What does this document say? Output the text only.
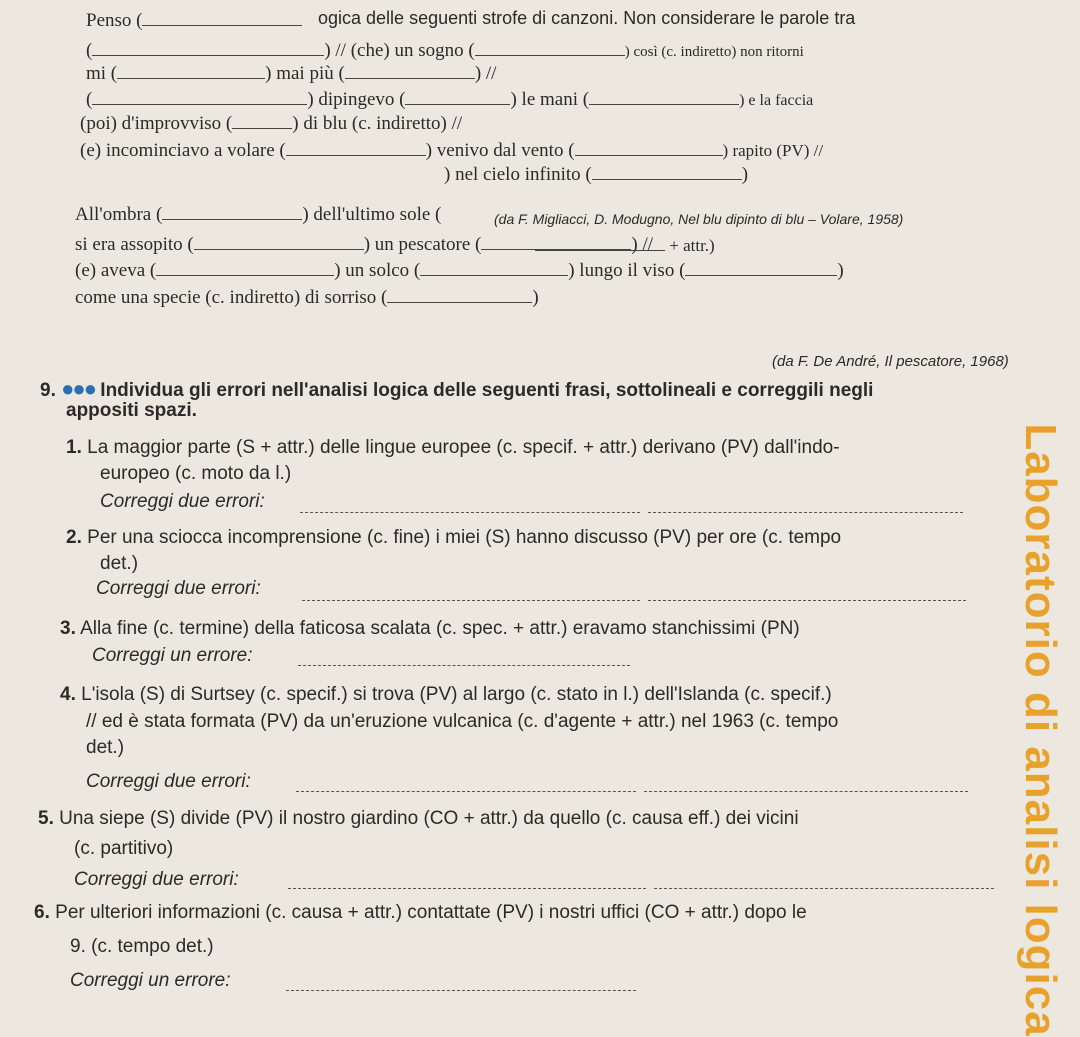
ogica delle seguenti strofe di canzoni. Non considerare le parole tra
Penso (
(	) // (che) un sogno (	) così (c. indiretto) non ritorni
mi (	) mai più (	) //
(	) dipingevo (	) le mani (	) e la faccia
(poi) d'improvviso (	) di blu (c. indiretto) //
(e) incominciavo a volare (	) venivo dal vento (	) rapito (PV) //
) nel cielo infinito (	)
(da F. Migliacci, D. Modugno, Nel blu dipinto di blu – Volare, 1958)
All'ombra (	) dell'ultimo sole (
+ attr.)
si era assopito (	) un pescatore (	) //
(e) aveva (	) un solco (	) lungo il viso (	)
come una specie (c. indiretto) di sorriso (	)
(da F. De André, Il pescatore, 1968)
9. ●●● Individua gli errori nell'analisi logica delle seguenti frasi, sottolineali e correggili negli
appositi spazi.
1. La maggior parte (S + attr.) delle lingue europee (c. specif. + attr.) derivano (PV) dall'indo-
europeo (c. moto da l.)
Correggi due errori:
2. Per una sciocca incomprensione (c. fine) i miei (S) hanno discusso (PV) per ore (c. tempo
det.)
Correggi due errori:
3. Alla fine (c. termine) della faticosa scalata (c. spec. + attr.) eravamo stanchissimi (PN)
Correggi un errore:
4. L'isola (S) di Surtsey (c. specif.) si trova (PV) al largo (c. stato in l.) dell'Islanda (c. specif.)
// ed è stata formata (PV) da un'eruzione vulcanica (c. d'agente + attr.) nel 1963 (c. tempo
det.)
Correggi due errori:
5. Una siepe (S) divide (PV) il nostro giardino (CO + attr.) da quello (c. causa eff.) dei vicini
(c. partitivo)
Correggi due errori:
6. Per ulteriori informazioni (c. causa + attr.) contattate (PV) i nostri uffici (CO + attr.) dopo le
9. (c. tempo det.)
Correggi un errore:	Laboratorio di analisi logica
